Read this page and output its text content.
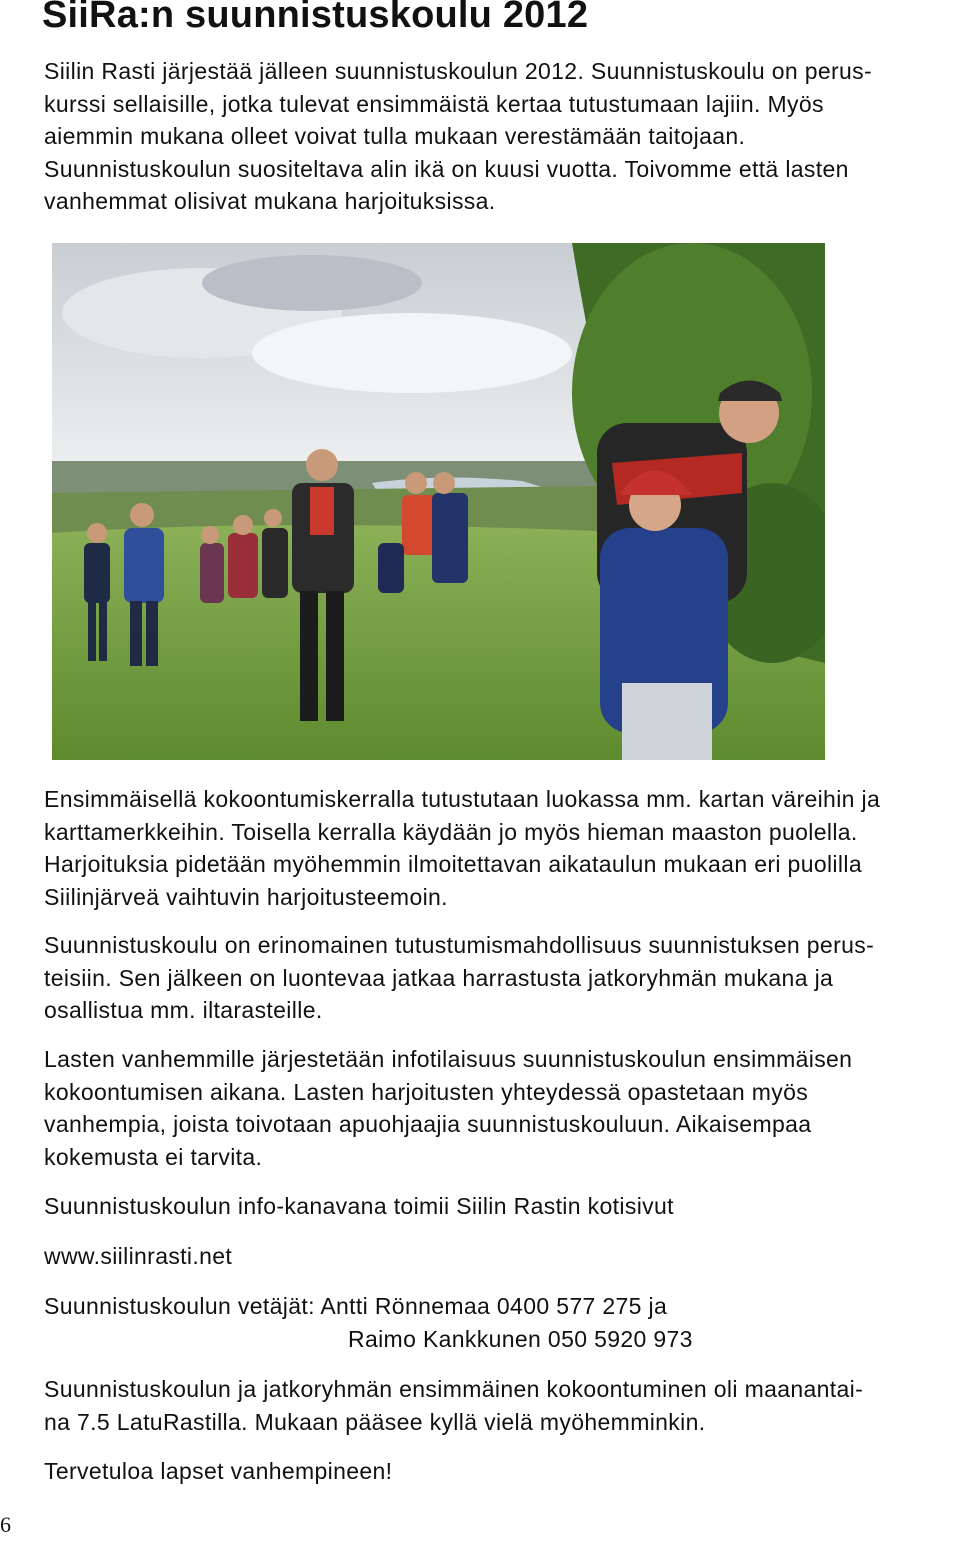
SiiRa:n suunnistuskoulu 2012

Siilin Rasti järjestää jälleen suunnistuskoulun 2012. Suunnistuskoulu on perus-
kurssi sellaisille, jotka tulevat ensimmäistä kertaa tutustumaan lajiin. Myös
aiemmin mukana olleet voivat tulla mukaan verestämään taitojaan.
Suunnistuskoulun suositeltava alin ikä on kuusi vuotta. Toivomme että lasten
vanhemmat olisivat mukana harjoituksissa.

Ensimmäisellä kokoontumiskerralla tutustutaan luokassa mm. kartan väreihin ja
karttamerkkeihin. Toisella kerralla käydään jo myös hieman maaston puolella.
Harjoituksia pidetään myöhemmin ilmoitettavan aikataulun mukaan eri puolilla
Siilinjärveä vaihtuvin harjoitusteemoin.

Suunnistuskoulu on erinomainen tutustumismahdollisuus suunnistuksen perus-
teisiin. Sen jälkeen on luontevaa jatkaa harrastusta jatkoryhmän mukana ja
osallistua mm. iltarasteille.

Lasten vanhemmille järjestetään infotilaisuus suunnistuskoulun ensimmäisen
kokoontumisen aikana. Lasten harjoitusten yhteydessä opastetaan myös
vanhempia, joista toivotaan apuohjaajia suunnistuskouluun. Aikaisempaa
kokemusta ei tarvita.

Suunnistuskoulun info-kanavana toimii Siilin Rastin kotisivut

www.siilinrasti.net

Suunnistuskoulun vetäjät: Antti Rönnemaa 0400 577 275 ja
Raimo Kankkunen 050 5920 973

Suunnistuskoulun ja jatkoryhmän ensimmäinen kokoontuminen oli maanantai-
na 7.5 LatuRastilla. Mukaan pääsee kyllä vielä myöhemminkin.

Tervetuloa lapset vanhempineen!

6
